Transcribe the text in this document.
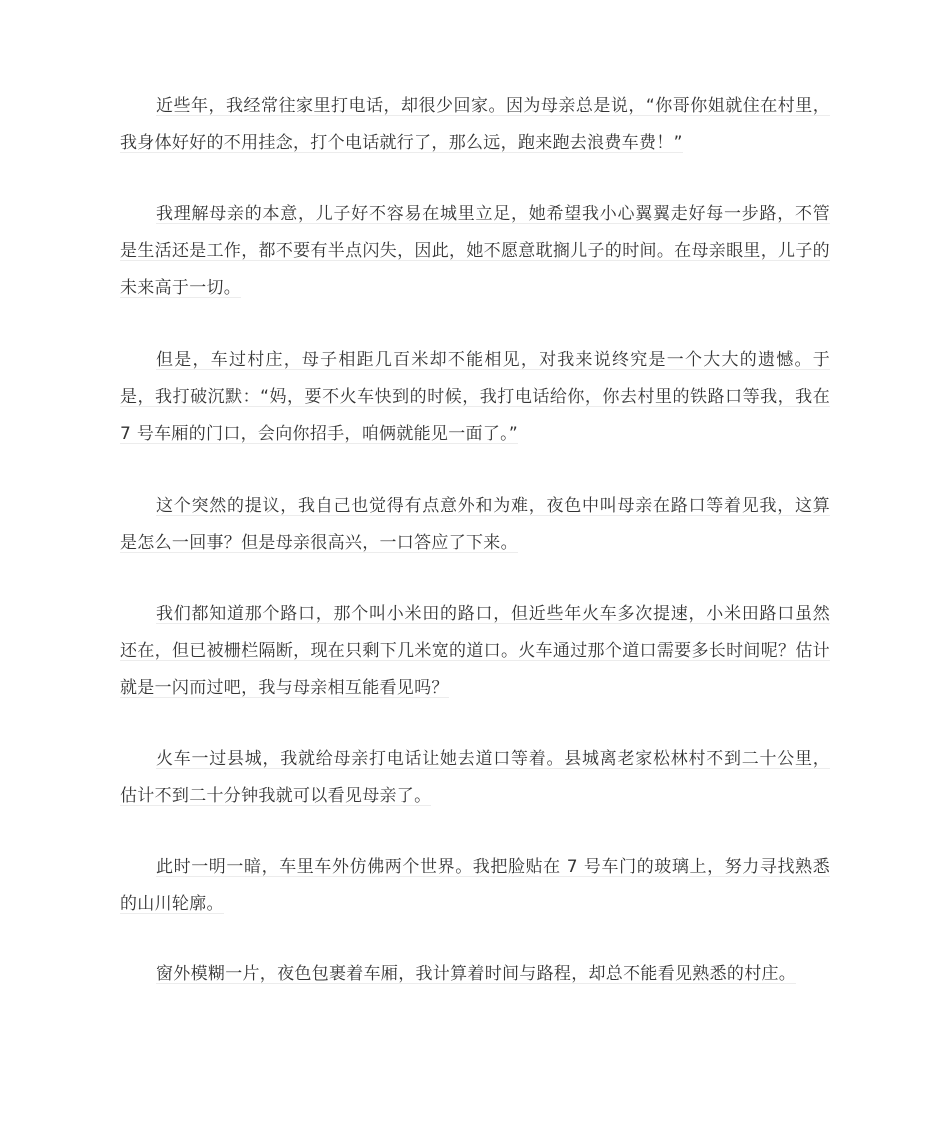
近些年，我经常往家里打电话，却很少回家。因为母亲总是说，“你哥你姐就住在村里，我身体好好的不用挂念，打个电话就行了，那么远，跑来跑去浪费车费！”

我理解母亲的本意，儿子好不容易在城里立足，她希望我小心翼翼走好每一步路，不管是生活还是工作，都不要有半点闪失，因此，她不愿意耽搁儿子的时间。在母亲眼里，儿子的未来高于一切。

但是，车过村庄，母子相距几百米却不能相见，对我来说终究是一个大大的遗憾。于是，我打破沉默：“妈，要不火车快到的时候，我打电话给你，你去村里的铁路口等我，我在 7 号车厢的门口，会向你招手，咱俩就能见一面了。”

这个突然的提议，我自己也觉得有点意外和为难，夜色中叫母亲在路口等着见我，这算是怎么一回事？但是母亲很高兴，一口答应了下来。

我们都知道那个路口，那个叫小米田的路口，但近些年火车多次提速，小米田路口虽然还在，但已被栅栏隔断，现在只剩下几米宽的道口。火车通过那个道口需要多长时间呢？估计就是一闪而过吧，我与母亲相互能看见吗？

火车一过县城，我就给母亲打电话让她去道口等着。县城离老家松林村不到二十公里，估计不到二十分钟我就可以看见母亲了。

此时一明一暗，车里车外仿佛两个世界。我把脸贴在 7 号车门的玻璃上，努力寻找熟悉的山川轮廓。

窗外模糊一片，夜色包裹着车厢，我计算着时间与路程，却总不能看见熟悉的村庄。
